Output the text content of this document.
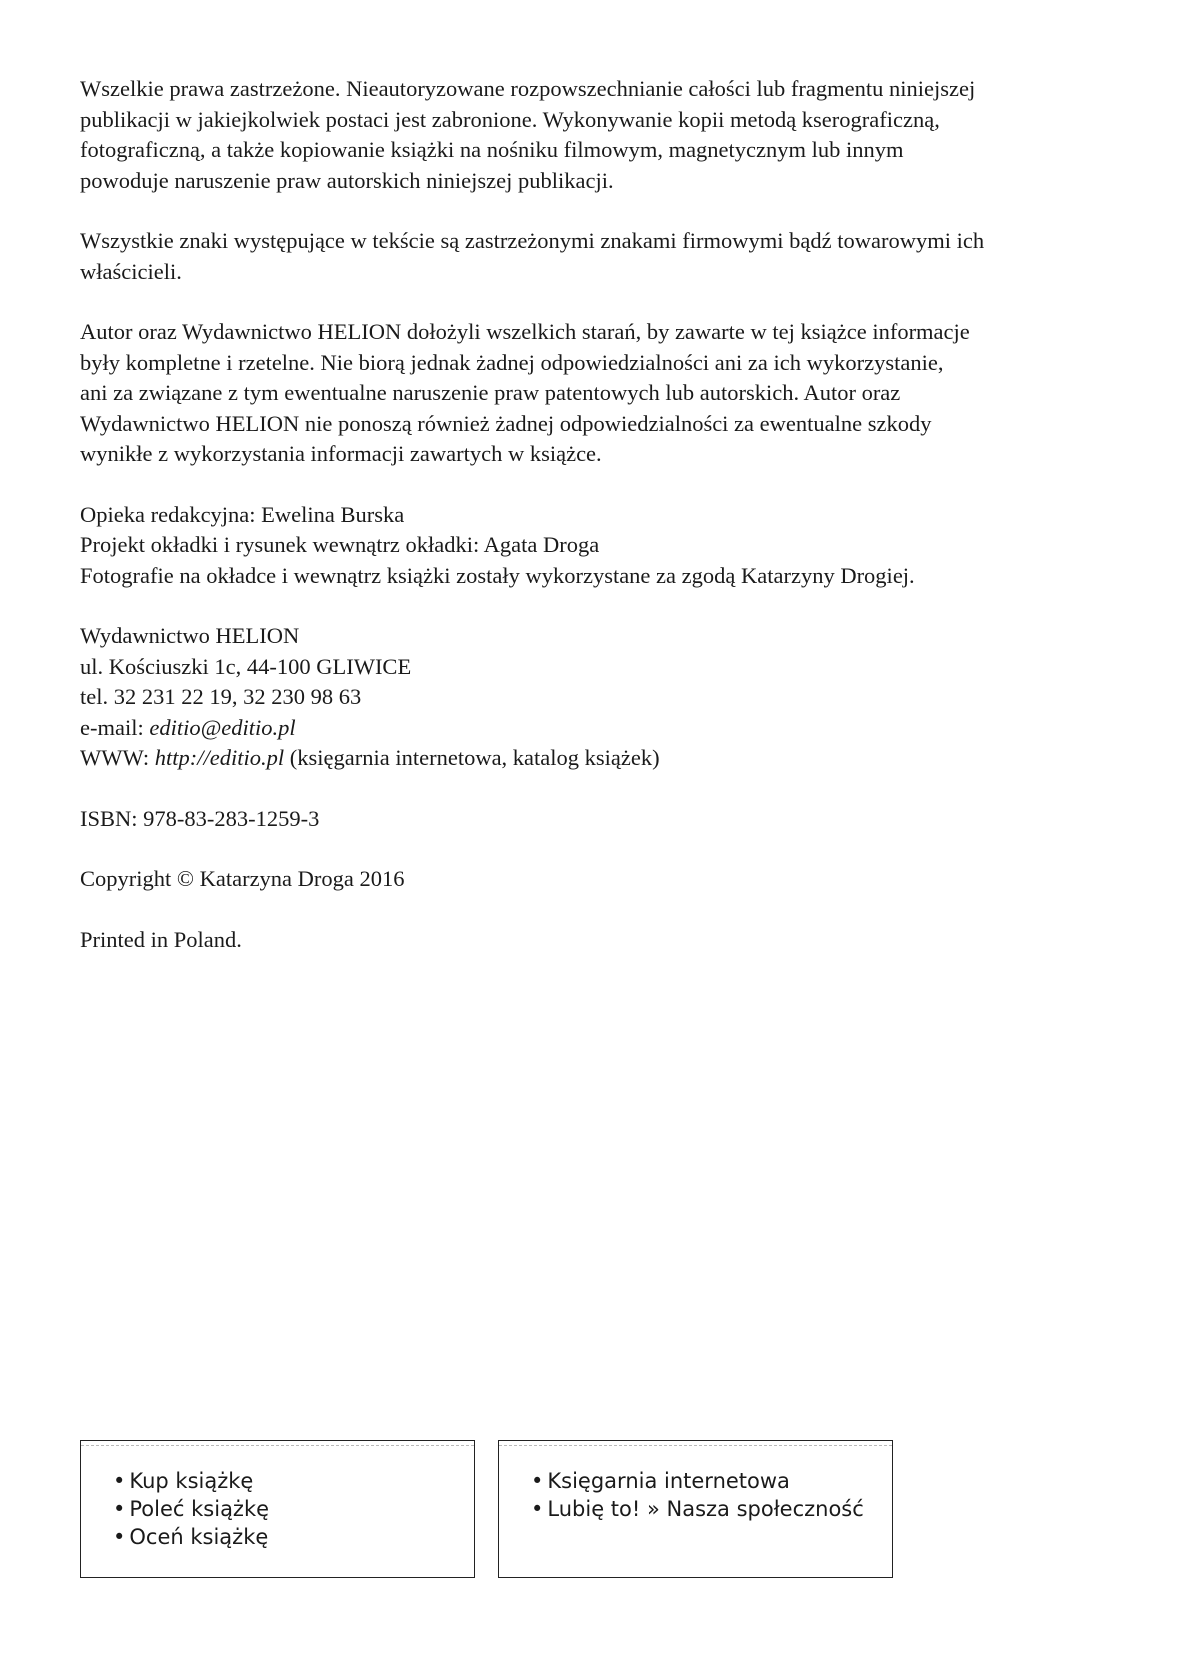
Wszelkie prawa zastrzeżone. Nieautoryzowane rozpowszechnianie całości lub fragmentu niniejszej
publikacji w jakiejkolwiek postaci jest zabronione. Wykonywanie kopii metodą kserograficzną,
fotograficzną, a także kopiowanie książki na nośniku filmowym, magnetycznym lub innym
powoduje naruszenie praw autorskich niniejszej publikacji.

Wszystkie znaki występujące w tekście są zastrzeżonymi znakami firmowymi bądź towarowymi ich
właścicieli.

Autor oraz Wydawnictwo HELION dołożyli wszelkich starań, by zawarte w tej książce informacje
były kompletne i rzetelne. Nie biorą jednak żadnej odpowiedzialności ani za ich wykorzystanie,
ani za związane z tym ewentualne naruszenie praw patentowych lub autorskich. Autor oraz
Wydawnictwo HELION nie ponoszą również żadnej odpowiedzialności za ewentualne szkody
wynikłe z wykorzystania informacji zawartych w książce.

Opieka redakcyjna: Ewelina Burska
Projekt okładki i rysunek wewnątrz okładki: Agata Droga
Fotografie na okładce i wewnątrz książki zostały wykorzystane za zgodą Katarzyny Drogiej.

Wydawnictwo HELION
ul. Kościuszki 1c, 44-100 GLIWICE
tel. 32 231 22 19, 32 230 98 63
e-mail: editio@editio.pl
WWW: http://editio.pl (księgarnia internetowa, katalog książek)

ISBN: 978-83-283-1259-3

Copyright © Katarzyna Droga 2016

Printed in Poland.

• Kup książkę
• Poleć książkę
• Oceń książkę
• Księgarnia internetowa
• Lubię to! » Nasza społeczność
